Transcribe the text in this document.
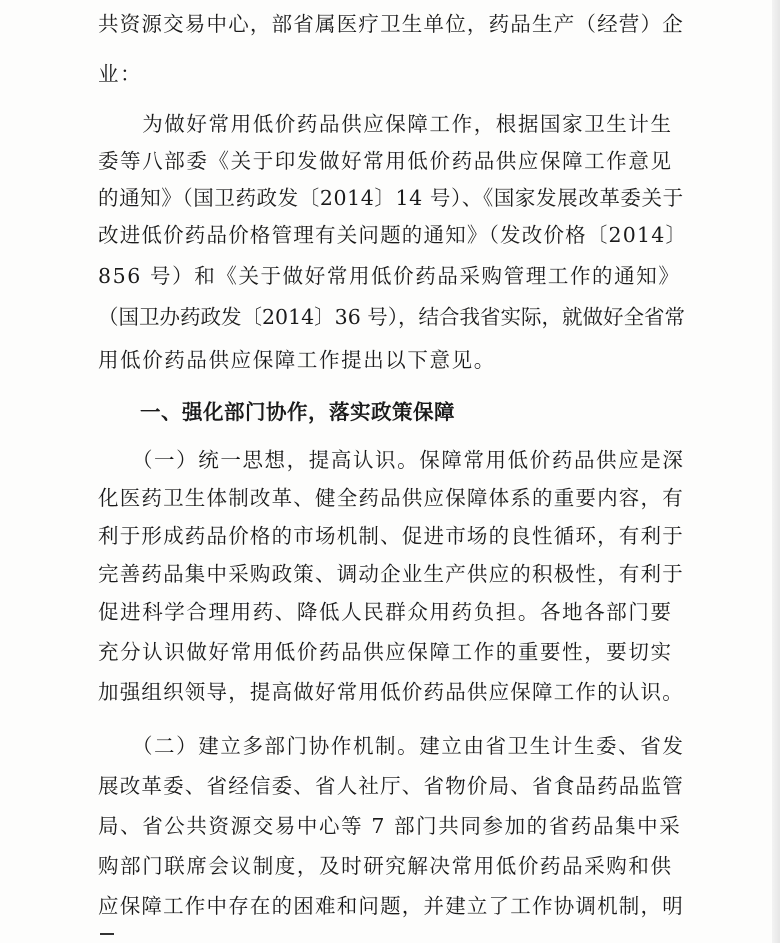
共资源交易中心，部省属医疗卫生单位，药品生产（经营）企
业：
　　为做好常用低价药品供应保障工作，根据国家卫生计生
委等八部委《关于印发做好常用低价药品供应保障工作意见
的通知》（国卫药政发〔2014〕14 号）、《国家发展改革委关于
改进低价药品价格管理有关问题的通知》（发改价格〔2014〕
856 号）和《关于做好常用低价药品采购管理工作的通知》
（国卫办药政发〔2014〕36 号），结合我省实际，就做好全省常
用低价药品供应保障工作提出以下意见。
　　一、强化部门协作，落实政策保障
　　（一）统一思想，提高认识。保障常用低价药品供应是深
化医药卫生体制改革、健全药品供应保障体系的重要内容，有
利于形成药品价格的市场机制、促进市场的良性循环，有利于
完善药品集中采购政策、调动企业生产供应的积极性，有利于
促进科学合理用药、降低人民群众用药负担。各地各部门要
充分认识做好常用低价药品供应保障工作的重要性，要切实
加强组织领导，提高做好常用低价药品供应保障工作的认识。
　　（二）建立多部门协作机制。建立由省卫生计生委、省发
展改革委、省经信委、省人社厅、省物价局、省食品药品监管
局、省公共资源交易中心等 7 部门共同参加的省药品集中采
购部门联席会议制度，及时研究解决常用低价药品采购和供
应保障工作中存在的困难和问题，并建立了工作协调机制，明
